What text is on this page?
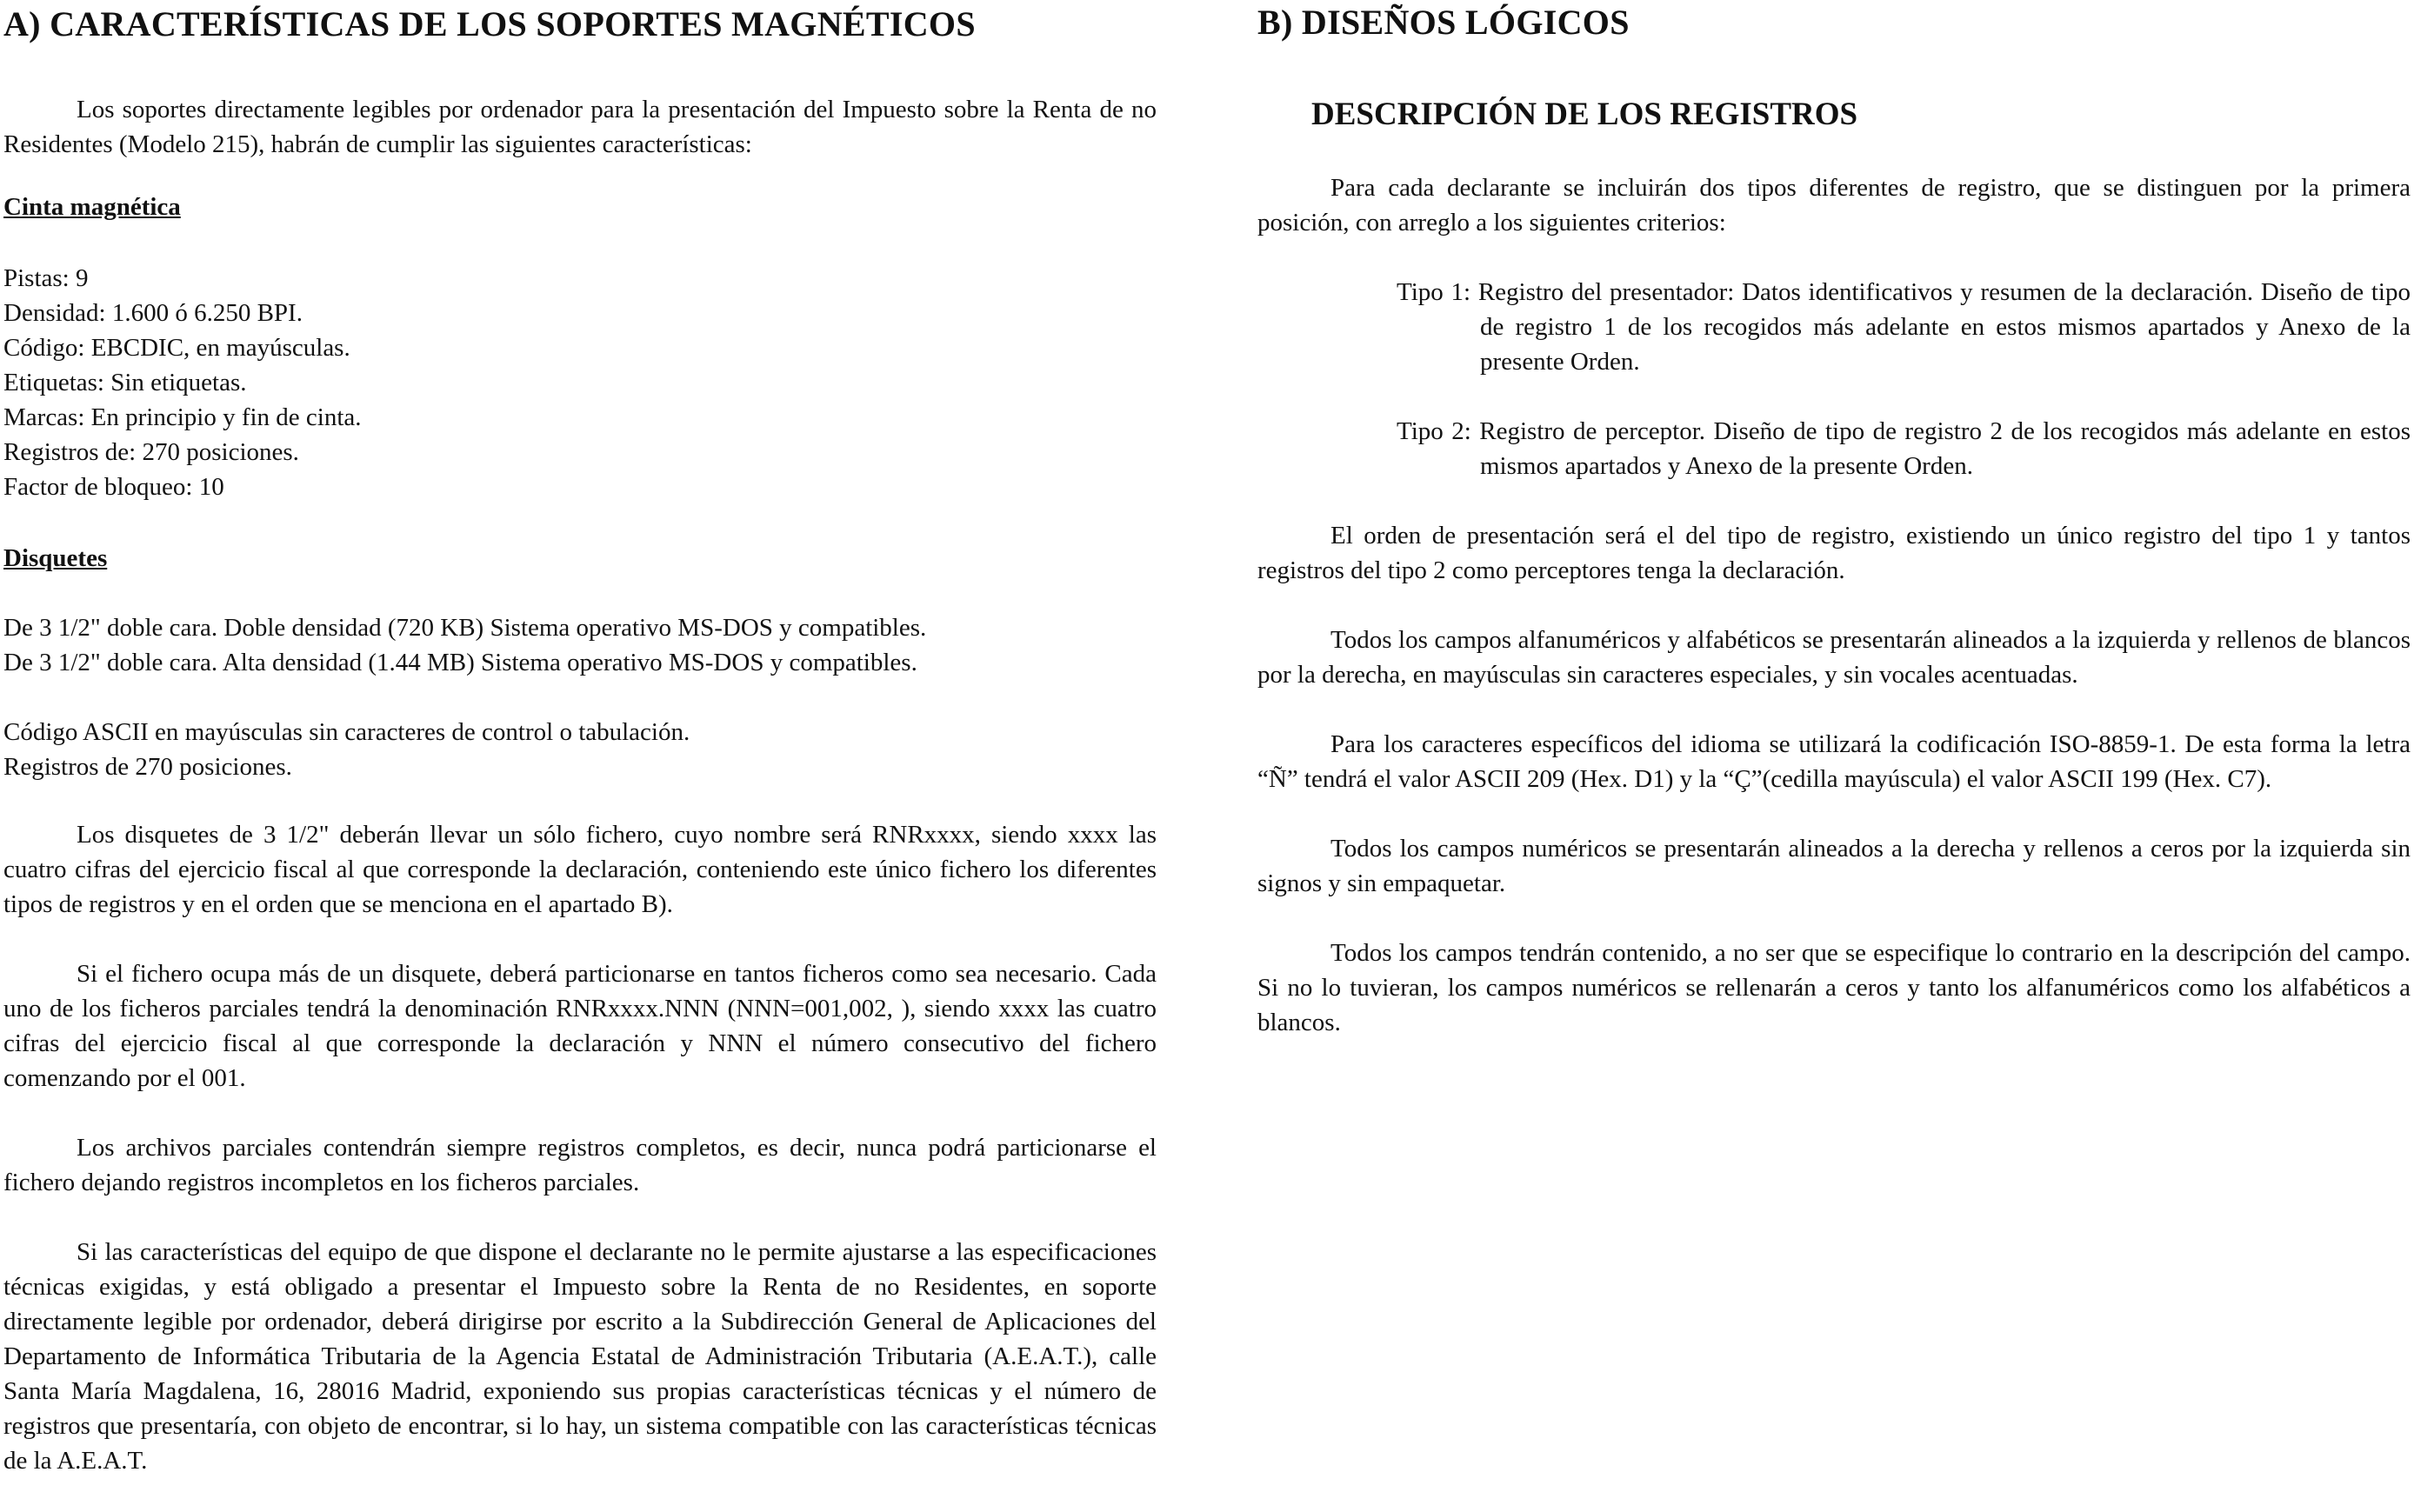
A) CARACTERÍSTICAS DE LOS SOPORTES MAGNÉTICOS

Los soportes directamente legibles por ordenador para la presentación del Impuesto sobre la Renta de no Residentes (Modelo 215), habrán de cumplir las siguientes características:

Cinta magnética

Pistas: 9

Densidad: 1.600 ó 6.250 BPI.

Código: EBCDIC, en mayúsculas.

Etiquetas: Sin etiquetas.

Marcas: En principio y fin de cinta.

Registros de: 270 posiciones.

Factor de bloqueo: 10

Disquetes

De 3 1/2" doble cara. Doble densidad (720 KB) Sistema operativo MS-DOS y compatibles.

De 3 1/2" doble cara. Alta densidad (1.44 MB) Sistema operativo MS-DOS y compatibles.

Código ASCII en mayúsculas sin caracteres de control o tabulación.

Registros de 270 posiciones.

Los disquetes de 3 1/2" deberán llevar un sólo fichero, cuyo nombre será RNRxxxx, siendo xxxx las cuatro cifras del ejercicio fiscal al que corresponde la declaración, conteniendo este único fichero los diferentes tipos de registros y en el orden que se menciona en el apartado B).

Si el fichero ocupa más de un disquete, deberá particionarse en tantos ficheros como sea necesario. Cada uno de los ficheros parciales tendrá la denominación RNRxxxx.NNN (NNN=001,002, ), siendo xxxx las cuatro cifras del ejercicio fiscal al que corresponde la declaración y NNN el número consecutivo del fichero comenzando por el 001.

Los archivos parciales contendrán siempre registros completos, es decir, nunca podrá particionarse el fichero dejando registros incompletos en los ficheros parciales.

Si las características del equipo de que dispone el declarante no le permite ajustarse a las especificaciones técnicas exigidas, y está obligado a presentar el Impuesto sobre la Renta de no Residentes, en soporte directamente legible por ordenador, deberá dirigirse por escrito a la Subdirección General de Aplicaciones del Departamento de Informática Tributaria de la Agencia Estatal de Administración Tributaria (A.E.A.T.), calle Santa María Magdalena, 16, 28016 Madrid, exponiendo sus propias características técnicas y el número de registros que presentaría, con objeto de encontrar, si lo hay, un sistema compatible con las características técnicas de la A.E.A.T.

B) DISEÑOS LÓGICOS
DESCRIPCIÓN DE LOS REGISTROS

Para cada declarante se incluirán dos tipos diferentes de registro, que se distinguen por la primera posición, con arreglo a los siguientes criterios:

Tipo 1: Registro del presentador: Datos identificativos y resumen de la declaración. Diseño de tipo de registro 1 de los recogidos más adelante en estos mismos apartados y Anexo de la presente Orden.

Tipo 2: Registro de perceptor. Diseño de tipo de registro 2 de los recogidos más adelante en estos mismos apartados y Anexo de la presente Orden.

El orden de presentación será el del tipo de registro, existiendo un único registro del tipo 1 y tantos registros del tipo 2 como perceptores tenga la declaración.

Todos los campos alfanuméricos y alfabéticos se presentarán alineados a la izquierda y rellenos de blancos por la derecha, en mayúsculas sin caracteres especiales, y sin vocales acentuadas.

Para los caracteres específicos del idioma se utilizará la codificación ISO-8859-1. De esta forma la letra “Ñ” tendrá el valor ASCII 209 (Hex. D1) y la “Ç”(cedilla mayúscula) el valor ASCII 199 (Hex. C7).

Todos los campos numéricos se presentarán alineados a la derecha y rellenos a ceros por la izquierda sin signos y sin empaquetar.

Todos los campos tendrán contenido, a no ser que se especifique lo contrario en la descripción del campo. Si no lo tuvieran, los campos numéricos se rellenarán a ceros y tanto los alfanuméricos como los alfabéticos a blancos.
